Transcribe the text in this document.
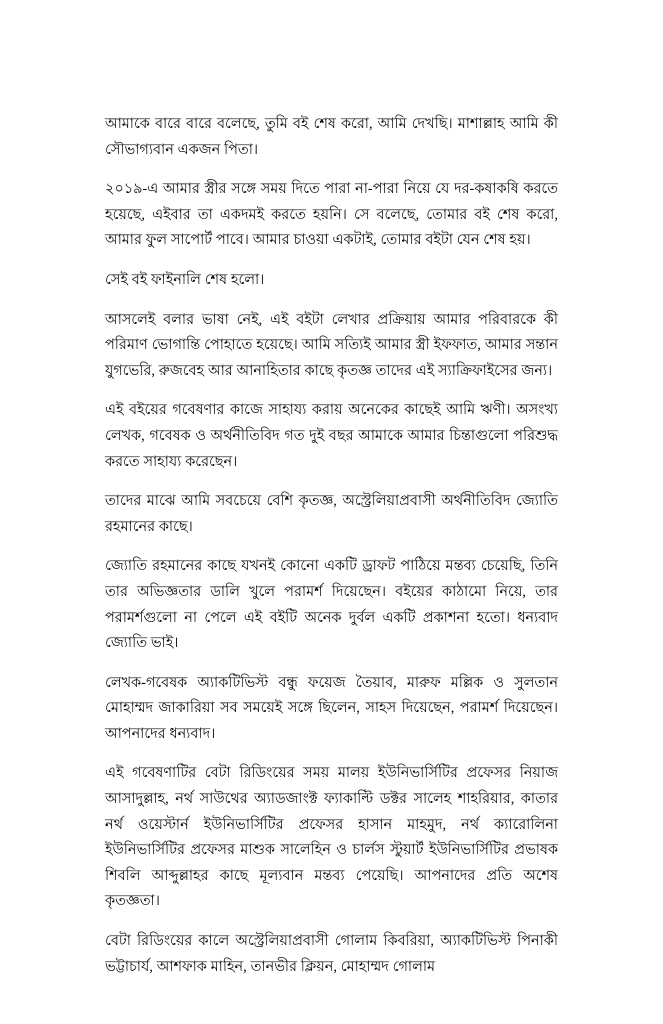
আমাকে বারে বারে বলেছে, তুমি বই শেষ করো, আমি দেখছি। মাশাল্লাহ আমি কী সৌভাগ্যবান একজন পিতা।

২০১৯-এ আমার স্ত্রীর সঙ্গে সময় দিতে পারা না-পারা নিয়ে যে দর-কষাকষি করতে হয়েছে, এইবার তা একদমই করতে হয়নি। সে বলেছে, তোমার বই শেষ করো, আমার ফুল সাপোর্ট পাবে। আমার চাওয়া একটাই, তোমার বইটা যেন শেষ হয়।

সেই বই ফাইনালি শেষ হলো।

আসলেই বলার ভাষা নেই, এই বইটা লেখার প্রক্রিয়ায় আমার পরিবারকে কী পরিমাণ ভোগান্তি পোহাতে হয়েছে। আমি সত্যিই আমার স্ত্রী ইফফাত, আমার সন্তান যুগভেরি, রুজবেহ আর আনাহিতার কাছে কৃতজ্ঞ তাদের এই স্যাক্রিফাইসের জন্য।

এই বইয়ের গবেষণার কাজে সাহায্য করায় অনেকের কাছেই আমি ঋণী। অসংখ্য লেখক, গবেষক ও অর্থনীতিবিদ গত দুই বছর আমাকে আমার চিন্তাগুলো পরিশুদ্ধ করতে সাহায্য করেছেন।

তাদের মাঝে আমি সবচেয়ে বেশি কৃতজ্ঞ, অস্ট্রেলিয়াপ্রবাসী অর্থনীতিবিদ জ্যোতি রহমানের কাছে।

জ্যোতি রহমানের কাছে যখনই কোনো একটি ড্রাফট পাঠিয়ে মন্তব্য চেয়েছি, তিনি তার অভিজ্ঞতার ডালি খুলে পরামর্শ দিয়েছেন। বইয়ের কাঠামো নিয়ে, তার পরামর্শগুলো না পেলে এই বইটি অনেক দুর্বল একটি প্রকাশনা হতো। ধন্যবাদ জ্যোতি ভাই।

লেখক-গবেষক অ্যাকটিভিস্ট বন্ধু ফয়েজ তৈয়াব, মারুফ মল্লিক ও সুলতান মোহাম্মদ জাকারিয়া সব সময়েই সঙ্গে ছিলেন, সাহস দিয়েছেন, পরামর্শ দিয়েছেন। আপনাদের ধন্যবাদ।

এই গবেষণাটির বেটা রিডিংয়ের সময় মালয় ইউনিভার্সিটির প্রফেসর নিয়াজ আসাদুল্লাহ, নর্থ সাউথের অ্যাডজাংক্ট ফ্যাকাল্টি ডক্টর সালেহ শাহরিয়ার, কাতার নর্থ ওয়েস্টার্ন ইউনিভার্সিটির প্রফেসর হাসান মাহমুদ, নর্থ ক্যারোলিনা ইউনিভার্সিটির প্রফেসর মাশুক সালেহিন ও চার্লস স্টুয়ার্ট ইউনিভার্সিটির প্রভাষক শিবলি আব্দুল্লাহর কাছে মূল্যবান মন্তব্য পেয়েছি। আপনাদের প্রতি অশেষ কৃতজ্ঞতা।

বেটা রিডিংয়ের কালে অস্ট্রেলিয়াপ্রবাসী গোলাম কিবরিয়া, অ্যাকটিভিস্ট পিনাকী ভট্টাচার্য, আশফাক মাহিন, তানভীর ক্লিয়ন, মোহাম্মদ গোলাম
